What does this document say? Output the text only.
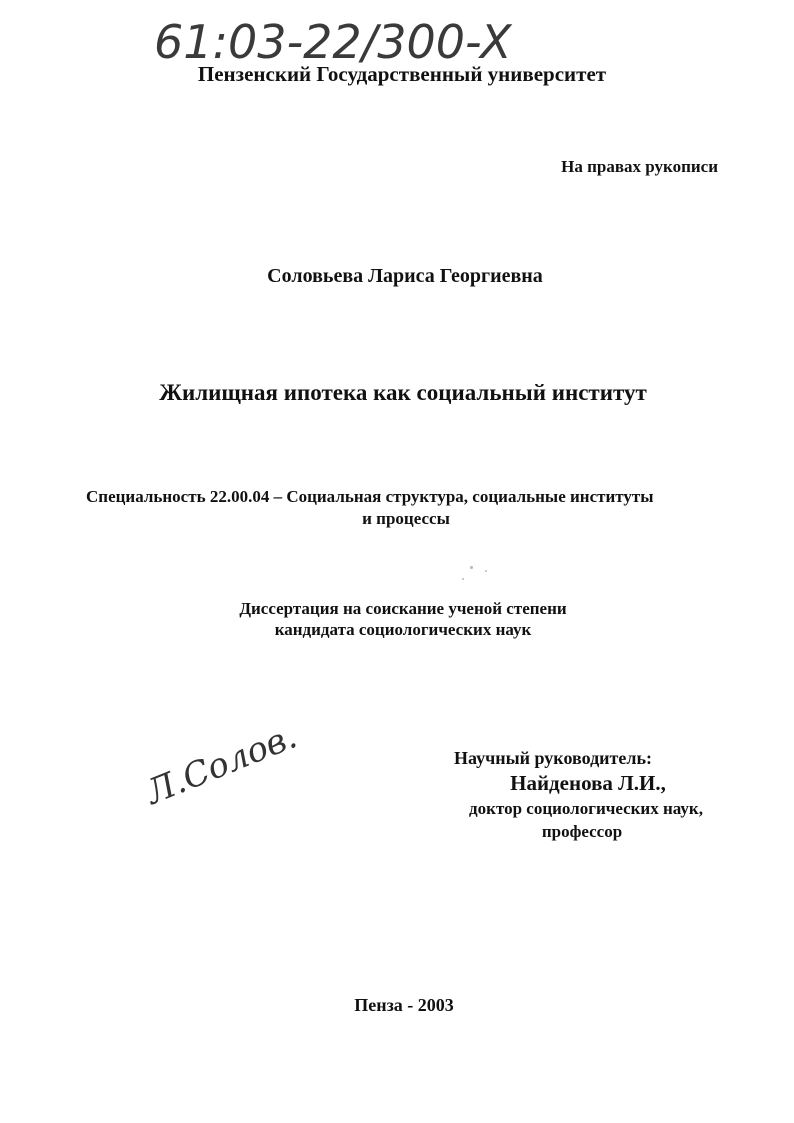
61:03-22/300-X
Пензенский Государственный университет
На правах рукописи
Соловьева Лариса Георгиевна
Жилищная ипотека как социальный институт
Специальность 22.00.04 – Социальная структура, социальные институты
и процессы
Диссертация на соискание ученой степени
кандидата социологических наук
Л.Солов.	Научный руководитель:
Найденова Л.И.,
доктор социологических наук,
профессор
Пенза - 2003
